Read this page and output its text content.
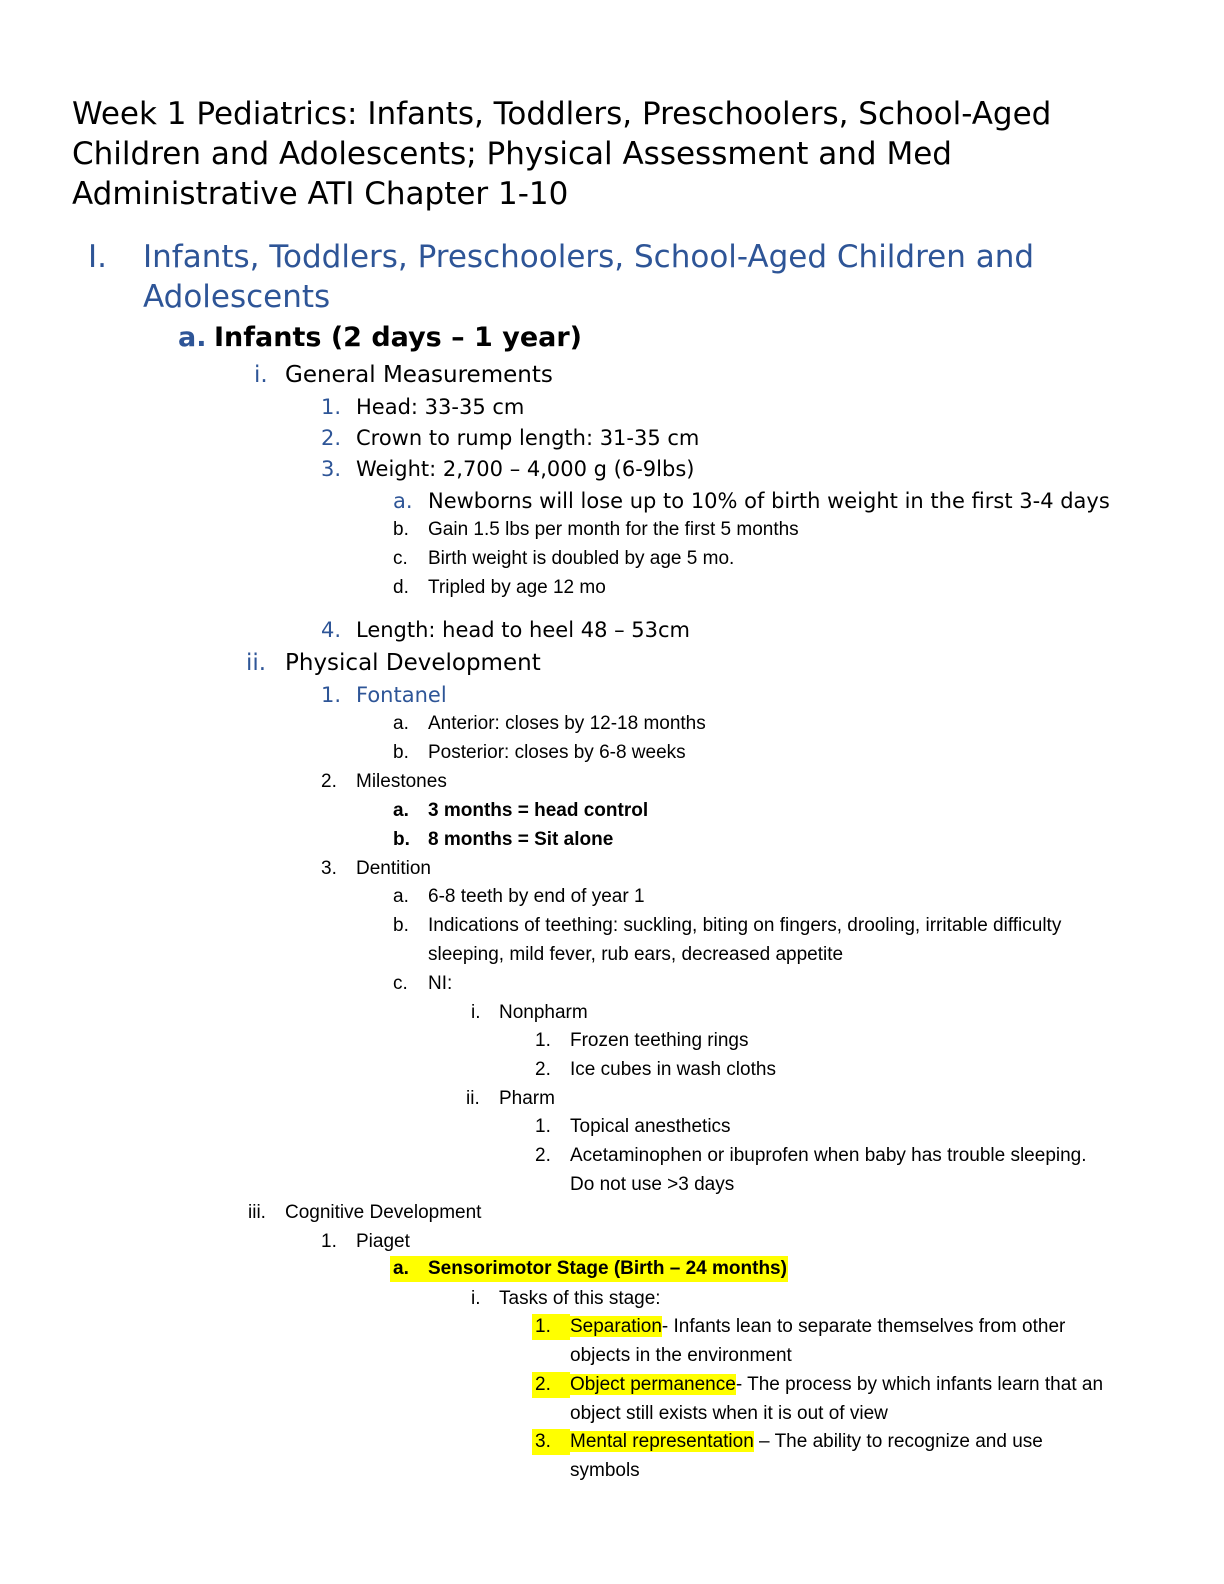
Week 1 Pediatrics: Infants, Toddlers, Preschoolers, School-Aged
Children and Adolescents; Physical Assessment and Med
Administrative ATI Chapter 1-10
I. Infants, Toddlers, Preschoolers, School-Aged Children and
Adolescents
a. Infants (2 days – 1 year)
i. General Measurements
1. Head: 33-35 cm
2. Crown to rump length: 31-35 cm
3. Weight: 2,700 – 4,000 g (6-9lbs)
a. Newborns will lose up to 10% of birth weight in the first 3-4 days
b. Gain 1.5 lbs per month for the first 5 months
c. Birth weight is doubled by age 5 mo.
d. Tripled by age 12 mo
4. Length: head to heel 48 – 53cm
ii. Physical Development
1. Fontanel
a. Anterior: closes by 12-18 months
b. Posterior: closes by 6-8 weeks
2. Milestones
a. 3 months = head control
b. 8 months = Sit alone
3. Dentition
a. 6-8 teeth by end of year 1
b. Indications of teething: suckling, biting on fingers, drooling, irritable difficulty
sleeping, mild fever, rub ears, decreased appetite
c. NI:
i. Nonpharm
1. Frozen teething rings
2. Ice cubes in wash cloths
ii. Pharm
1. Topical anesthetics
2. Acetaminophen or ibuprofen when baby has trouble sleeping.
Do not use >3 days
iii. Cognitive Development
1. Piaget
a. Sensorimotor Stage (Birth – 24 months)
i. Tasks of this stage:
1. Separation- Infants lean to separate themselves from other
objects in the environment
2. Object permanence- The process by which infants learn that an
object still exists when it is out of view
3. Mental representation – The ability to recognize and use
symbols
